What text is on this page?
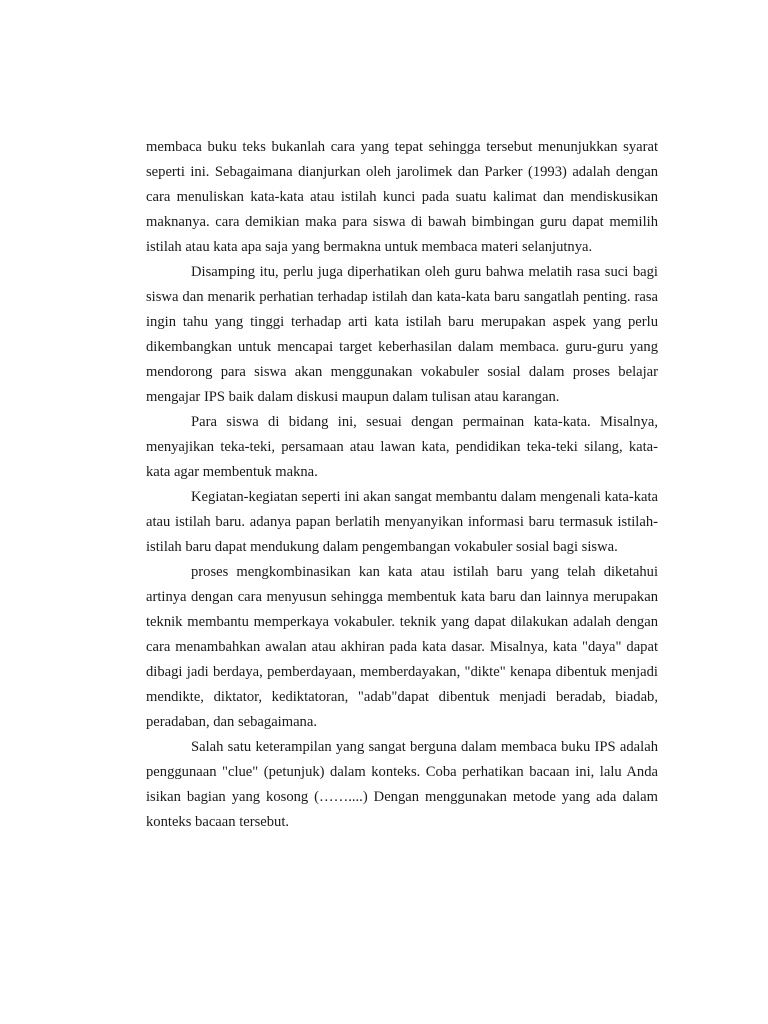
membaca buku teks bukanlah cara yang tepat sehingga tersebut menunjukkan syarat seperti ini. Sebagaimana dianjurkan oleh jarolimek dan Parker (1993) adalah dengan cara menuliskan kata-kata atau istilah kunci pada suatu kalimat dan mendiskusikan maknanya. cara demikian maka para siswa di bawah bimbingan guru dapat memilih istilah atau kata apa saja yang bermakna untuk membaca materi selanjutnya.

Disamping itu, perlu juga diperhatikan oleh guru bahwa melatih rasa suci bagi siswa dan menarik perhatian terhadap istilah dan kata-kata baru sangatlah penting. rasa ingin tahu yang tinggi terhadap arti kata istilah baru merupakan aspek yang perlu dikembangkan untuk mencapai target keberhasilan dalam membaca. guru-guru yang mendorong para siswa akan menggunakan vokabuler sosial dalam proses belajar mengajar IPS baik dalam diskusi maupun dalam tulisan atau karangan.

Para siswa di bidang ini, sesuai dengan permainan kata-kata. Misalnya, menyajikan teka-teki, persamaan atau lawan kata, pendidikan teka-teki silang, kata-kata agar membentuk makna.

Kegiatan-kegiatan seperti ini akan sangat membantu dalam mengenali kata-kata atau istilah baru. adanya papan berlatih menyanyikan informasi baru termasuk istilah-istilah baru dapat mendukung dalam pengembangan vokabuler sosial bagi siswa.

proses mengkombinasikan kan kata atau istilah baru yang telah diketahui artinya dengan cara menyusun sehingga membentuk kata baru dan lainnya merupakan teknik membantu memperkaya vokabuler. teknik yang dapat dilakukan adalah dengan cara menambahkan awalan atau akhiran pada kata dasar. Misalnya, kata "daya" dapat dibagi jadi berdaya, pemberdayaan, memberdayakan, "dikte" kenapa dibentuk menjadi mendikte, diktator, kediktatoran, "adab"dapat dibentuk menjadi beradab, biadab, peradaban, dan sebagaimana.

Salah satu keterampilan yang sangat berguna dalam membaca buku IPS adalah penggunaan "clue" (petunjuk) dalam konteks. Coba perhatikan bacaan ini, lalu Anda isikan bagian yang kosong (……....) Dengan menggunakan metode yang ada dalam konteks bacaan tersebut.
